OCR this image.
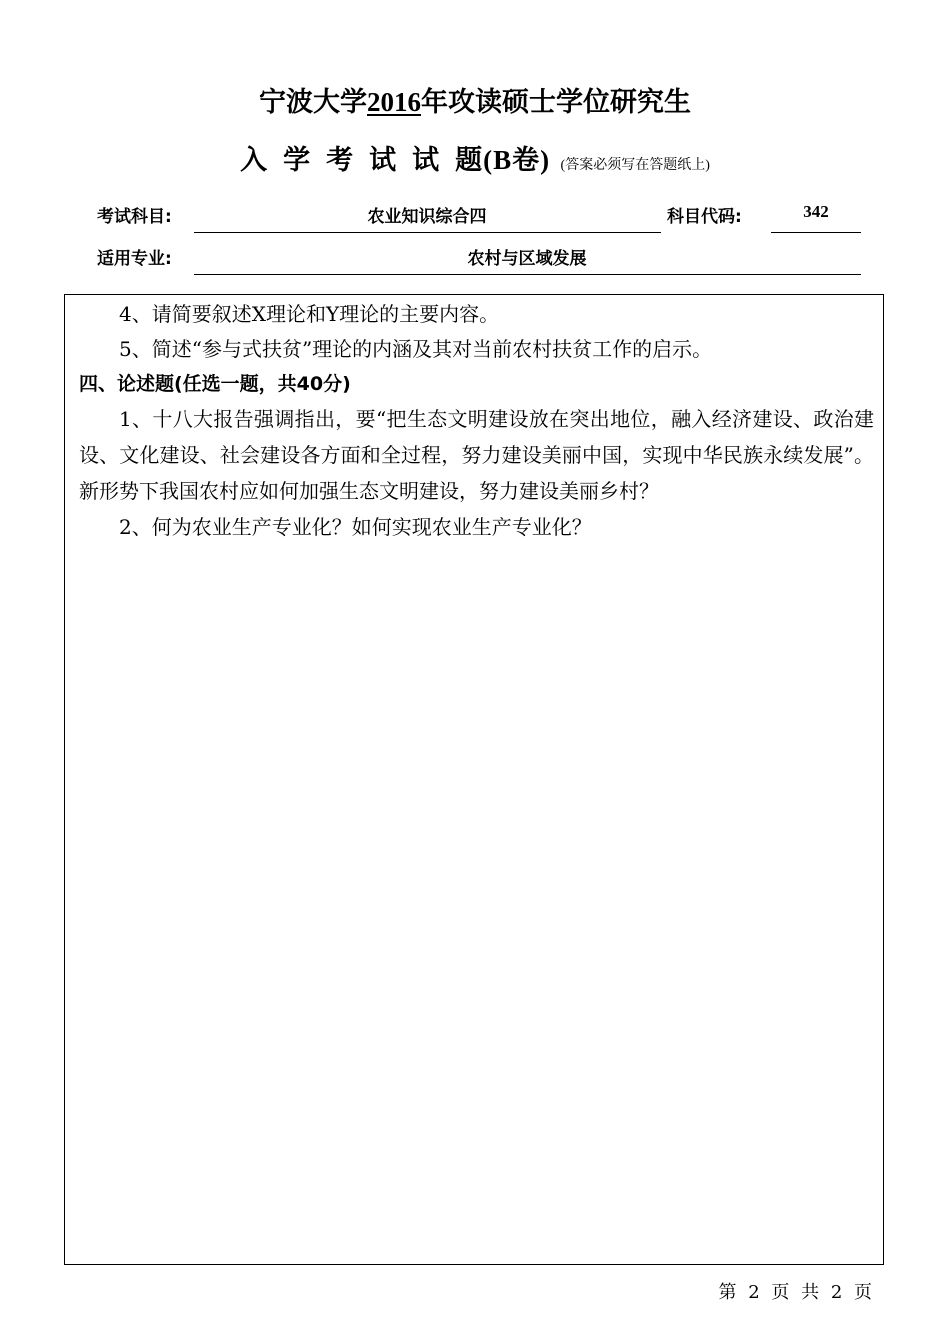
宁波大学2016年攻读硕士学位研究生
入学考试试题(B卷) (答案必须写在答题纸上)
考试科目:	农业知识综合四	科目代码:	342
适用专业:	农村与区域发展
4、请简要叙述X理论和Y理论的主要内容。
5、简述“参与式扶贫”理论的内涵及其对当前农村扶贫工作的启示。
四、论述题(任选一题，共40分)
1、十八大报告强调指出，要“把生态文明建设放在突出地位，融入经济建设、政治建设、文化建设、社会建设各方面和全过程，努力建设美丽中国，实现中华民族永续发展”。新形势下我国农村应如何加强生态文明建设，努力建设美丽乡村？
2、何为农业生产专业化？如何实现农业生产专业化？
第 2 页 共 2 页
